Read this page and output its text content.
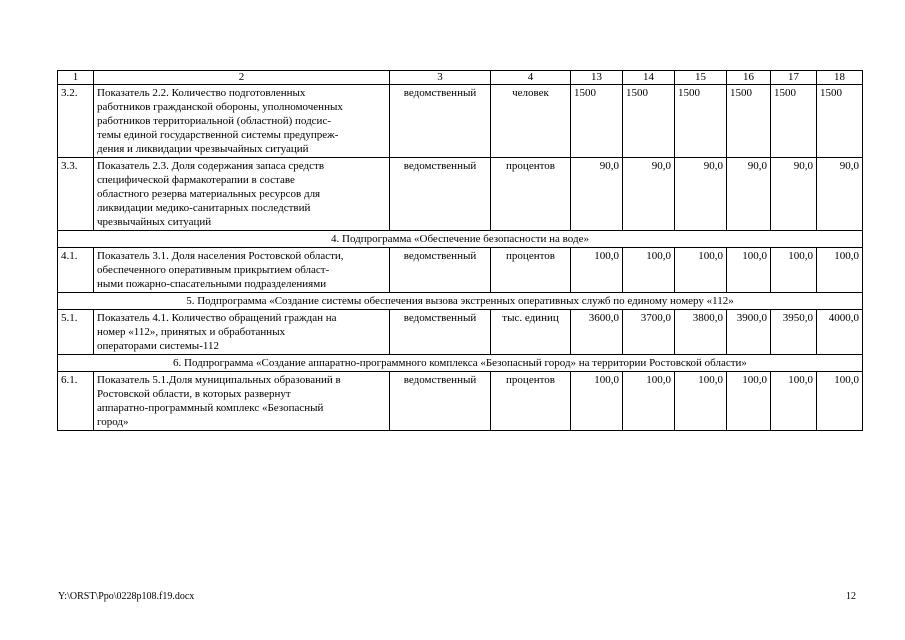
1	2	3	4	13	14	15	16	17	18
3.2.	Показатель 2.2. Количество подготовленных
работников гражданской обороны, уполномоченных
работников территориальной (областной) подсис-
темы единой государственной системы предупреж-
дения и ликвидации чрезвычайных ситуаций	ведомственный	человек	1500	1500	1500	1500	1500	1500
3.3.	Показатель 2.3. Доля содержания запаса средств
специфической фармакотерапии в составе
областного резерва материальных ресурсов для
ликвидации медико-санитарных последствий
чрезвычайных ситуаций	ведомственный	процентов	90,0	90,0	90,0	90,0	90,0	90,0
4. Подпрограмма «Обеспечение безопасности на воде»									
4.1.	Показатель 3.1. Доля населения Ростовской области,
обеспеченного оперативным прикрытием област-
ными пожарно-спасательными подразделениями	ведомственный	процентов	100,0	100,0	100,0	100,0	100,0	100,0
5. Подпрограмма «Создание системы обеспечения вызова экстренных оперативных служб по единому номеру «112»									
5.1.	Показатель 4.1. Количество обращений граждан на
номер «112», принятых и обработанных
операторами системы-112	ведомственный	тыс. единиц	3600,0	3700,0	3800,0	3900,0	3950,0	4000,0
6. Подпрограмма «Создание аппаратно-программного комплекса «Безопасный город» на территории Ростовской области»									
6.1.	Показатель 5.1.Доля муниципальных образований в
Ростовской области, в которых развернут
аппаратно-программный комплекс «Безопасный
город»	ведомственный	процентов	100,0	100,0	100,0	100,0	100,0	100,0
Y:\ORST\Ppo\0228p108.f19.docx	12
